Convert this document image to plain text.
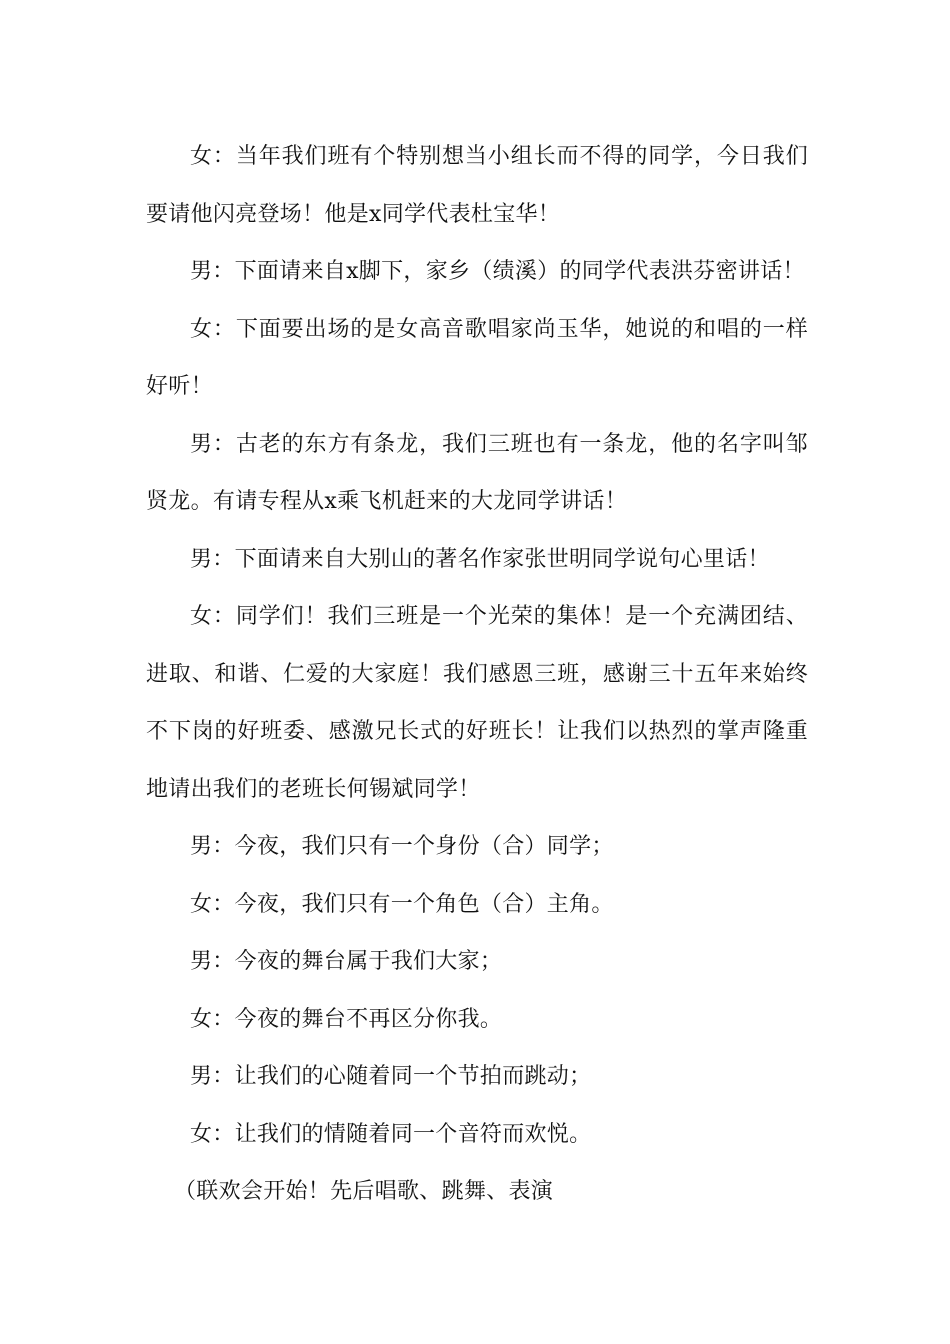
女：当年我们班有个特别想当小组长而不得的同学，今日我们要请他闪亮登场！他是x同学代表杜宝华！

男：下面请来自x脚下，家乡（绩溪）的同学代表洪芬密讲话！

女：下面要出场的是女高音歌唱家尚玉华，她说的和唱的一样好听！

男：古老的东方有条龙，我们三班也有一条龙，他的名字叫邹贤龙。有请专程从x乘飞机赶来的大龙同学讲话！

男：下面请来自大别山的著名作家张世明同学说句心里话！

女：同学们！我们三班是一个光荣的集体！是一个充满团结、进取、和谐、仁爱的大家庭！我们感恩三班，感谢三十五年来始终不下岗的好班委、感激兄长式的好班长！让我们以热烈的掌声隆重地请出我们的老班长何锡斌同学！

男：今夜，我们只有一个身份（合）同学；

女：今夜，我们只有一个角色（合）主角。

男：今夜的舞台属于我们大家；

女：今夜的舞台不再区分你我。

男：让我们的心随着同一个节拍而跳动；

女：让我们的情随着同一个音符而欢悦。

（联欢会开始！先后唱歌、跳舞、表演
